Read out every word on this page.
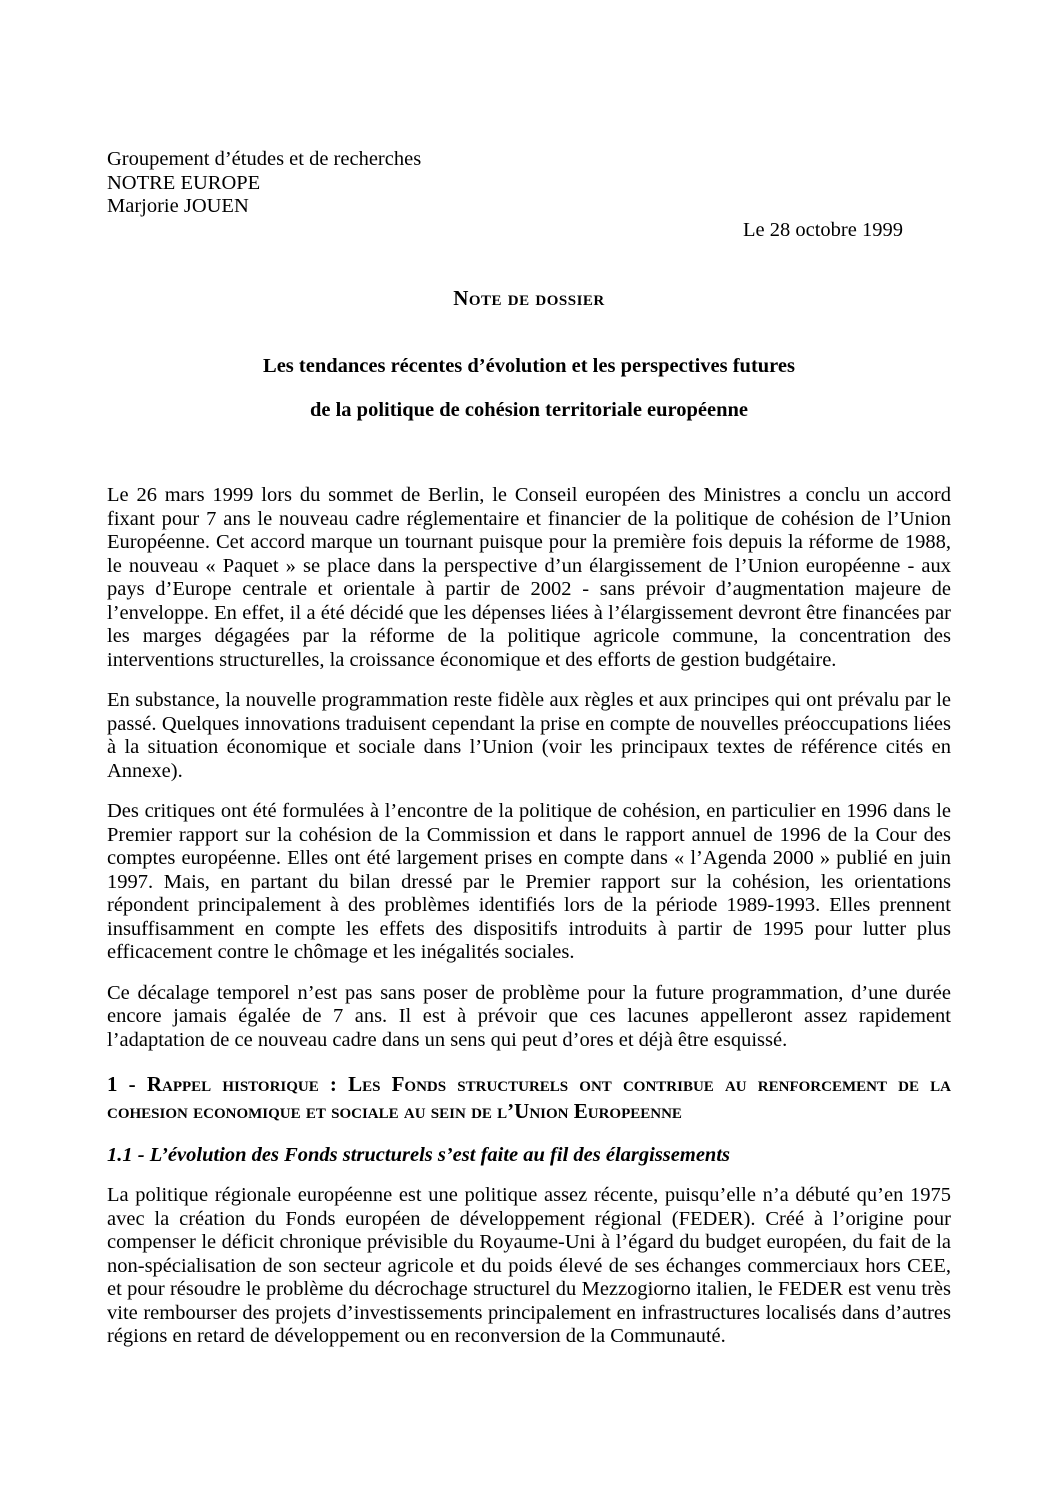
Groupement d’études et de recherches
NOTRE EUROPE
Marjorie JOUEN
Le 28 octobre 1999
Note de dossier
Les tendances récentes d’évolution et les perspectives futures
de la politique de cohésion territoriale européenne

Le 26 mars 1999 lors du sommet de Berlin, le Conseil européen des Ministres a conclu un accord fixant pour 7 ans le nouveau cadre réglementaire et financier de la politique de cohésion de l’Union Européenne. Cet accord marque un tournant puisque pour la première fois depuis la réforme de 1988, le nouveau « Paquet » se place dans la perspective d’un élargissement de l’Union européenne - aux pays d’Europe centrale et orientale à partir de 2002 - sans prévoir d’augmentation majeure de l’enveloppe. En effet, il a été décidé que les dépenses liées à l’élargissement devront être financées par les marges dégagées par la réforme de la politique agricole commune, la concentration des interventions structurelles, la croissance économique et des efforts de gestion budgétaire.

En substance, la nouvelle programmation reste fidèle aux règles et aux principes qui ont prévalu par le passé. Quelques innovations traduisent cependant la prise en compte de nouvelles préoccupations liées à la situation économique et sociale dans l’Union (voir les principaux textes de référence cités en Annexe).

Des critiques ont été formulées à l’encontre de la politique de cohésion, en particulier en 1996 dans le Premier rapport sur la cohésion de la Commission et dans le rapport annuel de 1996 de la Cour des comptes européenne. Elles ont été largement prises en compte dans « l’Agenda 2000 » publié en juin 1997. Mais, en partant du bilan dressé par le Premier rapport sur la cohésion, les orientations répondent principalement à des problèmes identifiés lors de la période 1989-1993. Elles prennent insuffisamment en compte les effets des dispositifs introduits à partir de 1995 pour lutter plus efficacement contre le chômage et les inégalités sociales.

Ce décalage temporel n’est pas sans poser de problème pour la future programmation, d’une durée encore jamais égalée de 7 ans. Il est à prévoir que ces lacunes appelleront assez rapidement l’adaptation de ce nouveau cadre dans un sens qui peut d’ores et déjà être esquissé.

1 - Rappel historique : Les Fonds structurels ont contribue au renforcement de la cohesion economique et sociale au sein de l’Union Europeenne
1.1 - L’évolution des Fonds structurels s’est faite au fil des élargissements

La politique régionale européenne est une politique assez récente, puisqu’elle n’a débuté qu’en 1975 avec la création du Fonds européen de développement régional (FEDER). Créé à l’origine pour compenser le déficit chronique prévisible du Royaume-Uni à l’égard du budget européen, du fait de la non-spécialisation de son secteur agricole et du poids élevé de ses échanges commerciaux hors CEE, et pour résoudre le problème du décrochage structurel du Mezzogiorno italien, le FEDER est venu très vite rembourser des projets d’investissements principalement en infrastructures localisés dans d’autres régions en retard de développement ou en reconversion de la Communauté.
